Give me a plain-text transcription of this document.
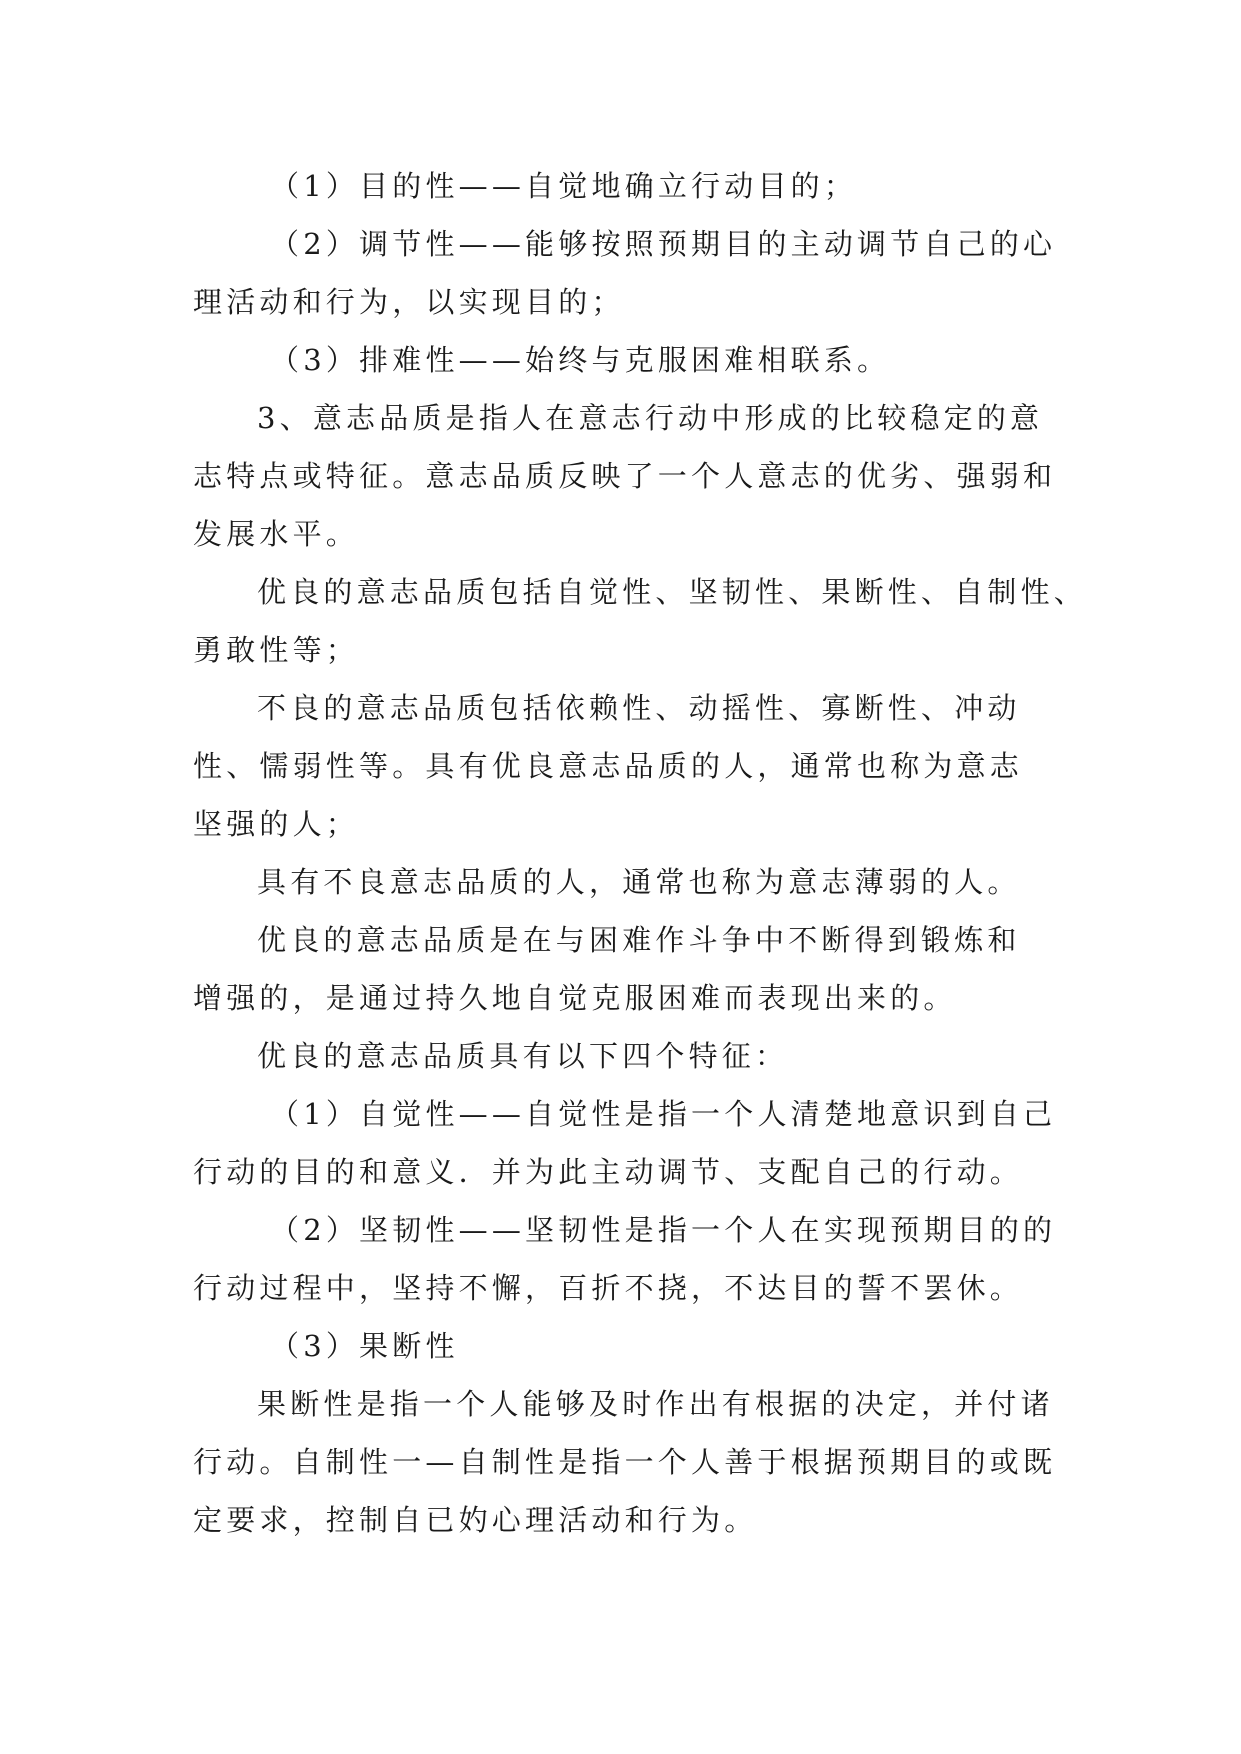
（1）目的性——自觉地确立行动目的；
（2）调节性——能够按照预期目的主动调节自己的心
理活动和行为，以实现目的；
（3）排难性——始终与克服困难相联系。
3、意志品质是指人在意志行动中形成的比较稳定的意
志特点或特征。意志品质反映了一个人意志的优劣、强弱和
发展水平。
优良的意志品质包括自觉性、坚韧性、果断性、自制性、
勇敢性等；
不良的意志品质包括依赖性、动摇性、寡断性、冲动
性、懦弱性等。具有优良意志品质的人，通常也称为意志
坚强的人；
具有不良意志品质的人，通常也称为意志薄弱的人。
优良的意志品质是在与困难作斗争中不断得到锻炼和
增强的，是通过持久地自觉克服困难而表现出来的。
优良的意志品质具有以下四个特征：
（1）自觉性——自觉性是指一个人清楚地意识到自己
行动的目的和意义．并为此主动调节、支配自己的行动。
（2）坚韧性——坚韧性是指一个人在实现预期目的的
行动过程中，坚持不懈，百折不挠，不达目的誓不罢休。
（3）果断性
果断性是指一个人能够及时作出有根据的决定，并付诸
行动。自制性一—自制性是指一个人善于根据预期目的或既
定要求，控制自已妁心理活动和行为。
